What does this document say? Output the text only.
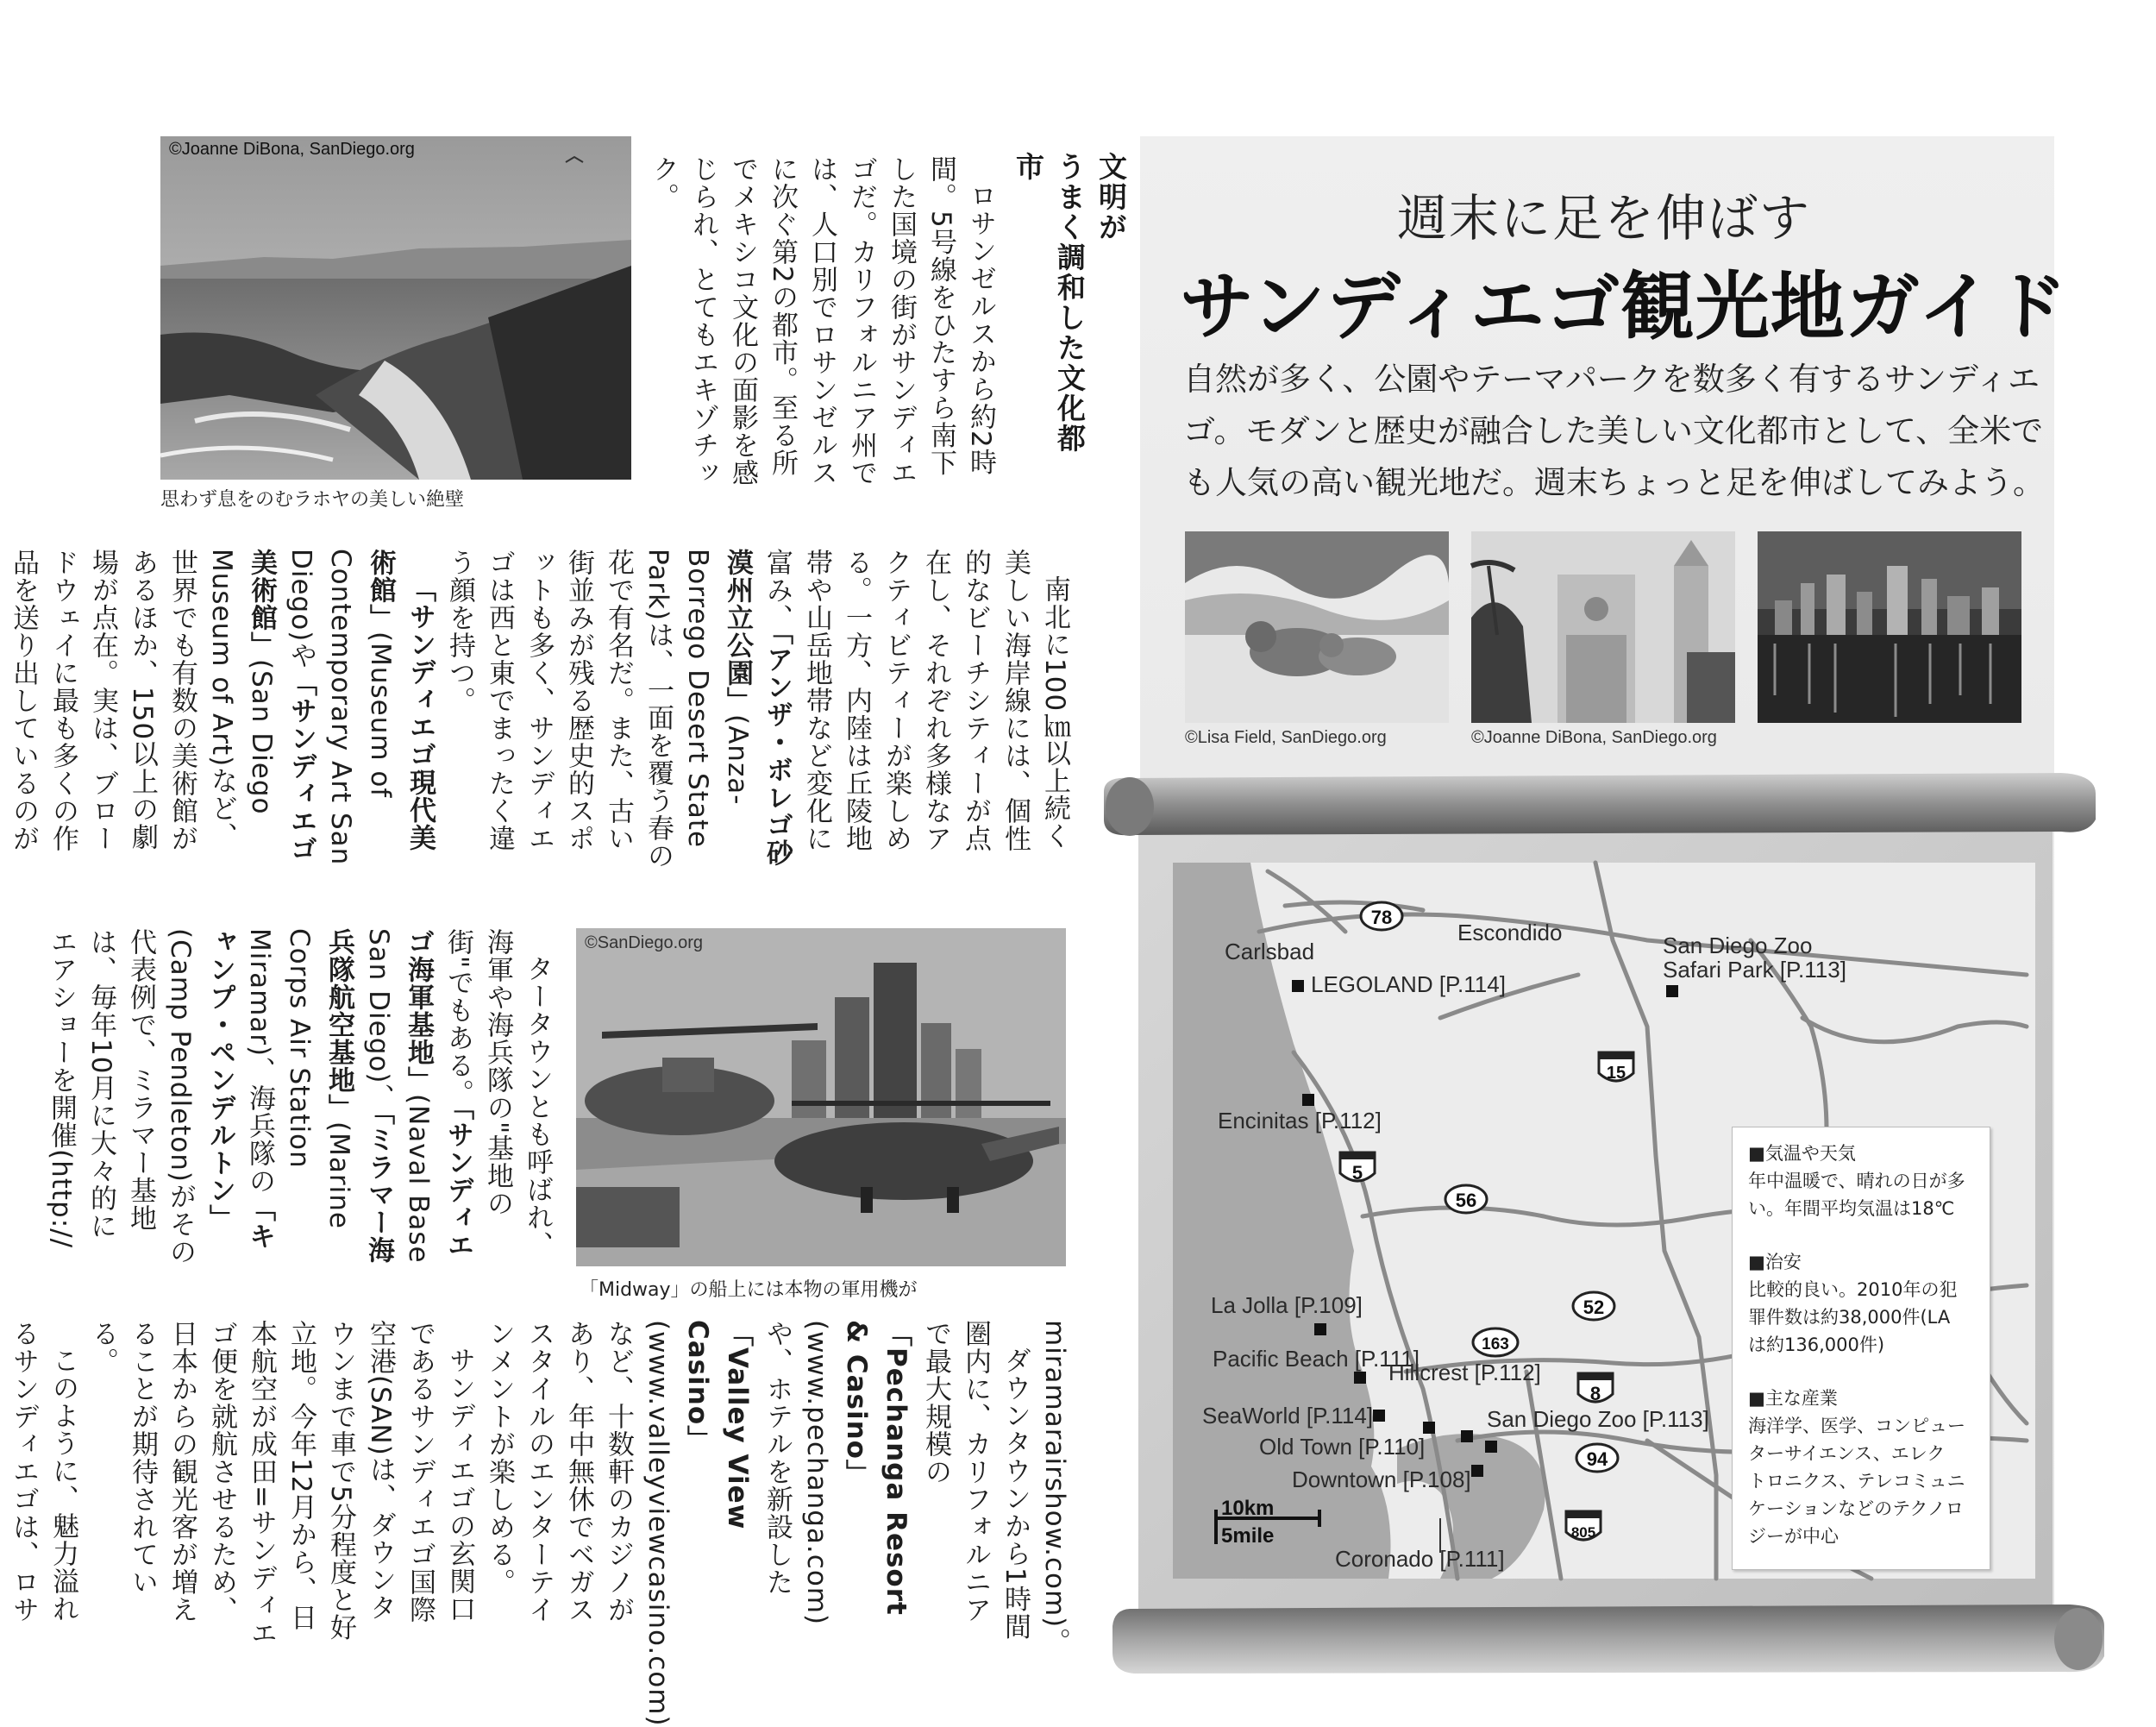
©Joanne DiBona, SanDiego.org
思わず息をのむラホヤの美しい絶壁
文明が
うまく調和した文化都市

ロサンゼルスから約2時間。5号線をひたすら南下した国境の街がサンディエゴだ。カリフォルニア州では、人口別でロサンゼルスに次ぐ第2の都市。至る所でメキシコ文化の面影を感じられ、とてもエキゾチック。

南北に100㎞以上続く美しい海岸線には、個性的なビーチシティーが点在し、それぞれ多様なアクティビティーが楽しめる。一方、内陸は丘陵地帯や山岳地帯など変化に富み、「アンザ・ボレゴ砂漠州立公園」(Anza-Borrego Desert State Park)は、一面を覆う春の花で有名だ。また、古い街並みが残る歴史的スポットも多く、サンディエゴは西と東でまったく違う顔を持つ。

「サンディエゴ現代美術館」(Museum of Contemporary Art San Diego)や「サンディエゴ美術館」(San Diego Museum of Art)など、世界でも有数の美術館があるほか、150以上の劇場が点在。実は、ブロードウェイに最も多くの作品を送り出しているのが

©SanDiego.org
「Midway」の船上には本物の軍用機が

タータウンとも呼ばれ、海軍や海兵隊の"基地の街"でもある。「サンディエゴ海軍基地」(Naval Base San Diego)、「ミラマー海兵隊航空基地」(Marine Corps Air Station Miramar)、海兵隊の「キャンプ・ペンデルトン」(Camp Pendleton)がその代表例で、ミラマー基地は、毎年10月に大々的にエアショーを開催(http://

miramarairshow.com)。

ダウンタウンから1時間圏内に、カリフォルニアで最大規模の「Pechanga Resort & Casino」(www.pechanga.com)や、ホテルを新設した「Valley View Casino」(www.valleyviewcasino.com)など、十数軒のカジノがあり、年中無休でベガススタイルのエンターテインメントが楽しめる。

サンディエゴの玄関口であるサンディエゴ国際空港(SAN)は、ダウンタウンまで車で5分程度と好立地。今年12月から、日本航空が成田=サンディエゴ便を就航させるため、日本からの観光客が増えることが期待されている。

このように、魅力溢れるサンディエゴは、ロサ

週末に足を伸ばす
サンディエゴ観光地ガイド
自然が多く、公園やテーマパークを数多く有するサンディエ
ゴ。モダンと歴史が融合した美しい文化都市として、全米で
も人気の高い観光地だ。週末ちょっと足を伸ばしてみよう。
©Lisa Field, SanDiego.org	©Joanne DiBona, SanDiego.org
78
15
5
56
52
163
8
94
805
Carlsbad
Escondido	San Diego Zoo
Safari Park [P.113]
LEGOLAND [P.114]
Encinitas [P.112]
La Jolla [P.109]
Pacific Beach [P.111]
Hillcrest [P.112]
SeaWorld [P.114]	San Diego Zoo [P.113]
Old Town [P.110]
Downtown [P.108]
Coronado [P.111]
10km
5mile
■気温や天気
年中温暖で、晴れの日が多
い。年間平均気温は18℃
■治安
比較的良い。2010年の犯
罪件数は約38,000件(LA
は約136,000件)
■主な産業
海洋学、医学、コンピュー
ターサイエンス、エレク
トロニクス、テレコミュニ
ケーションなどのテクノロ
ジーが中心
